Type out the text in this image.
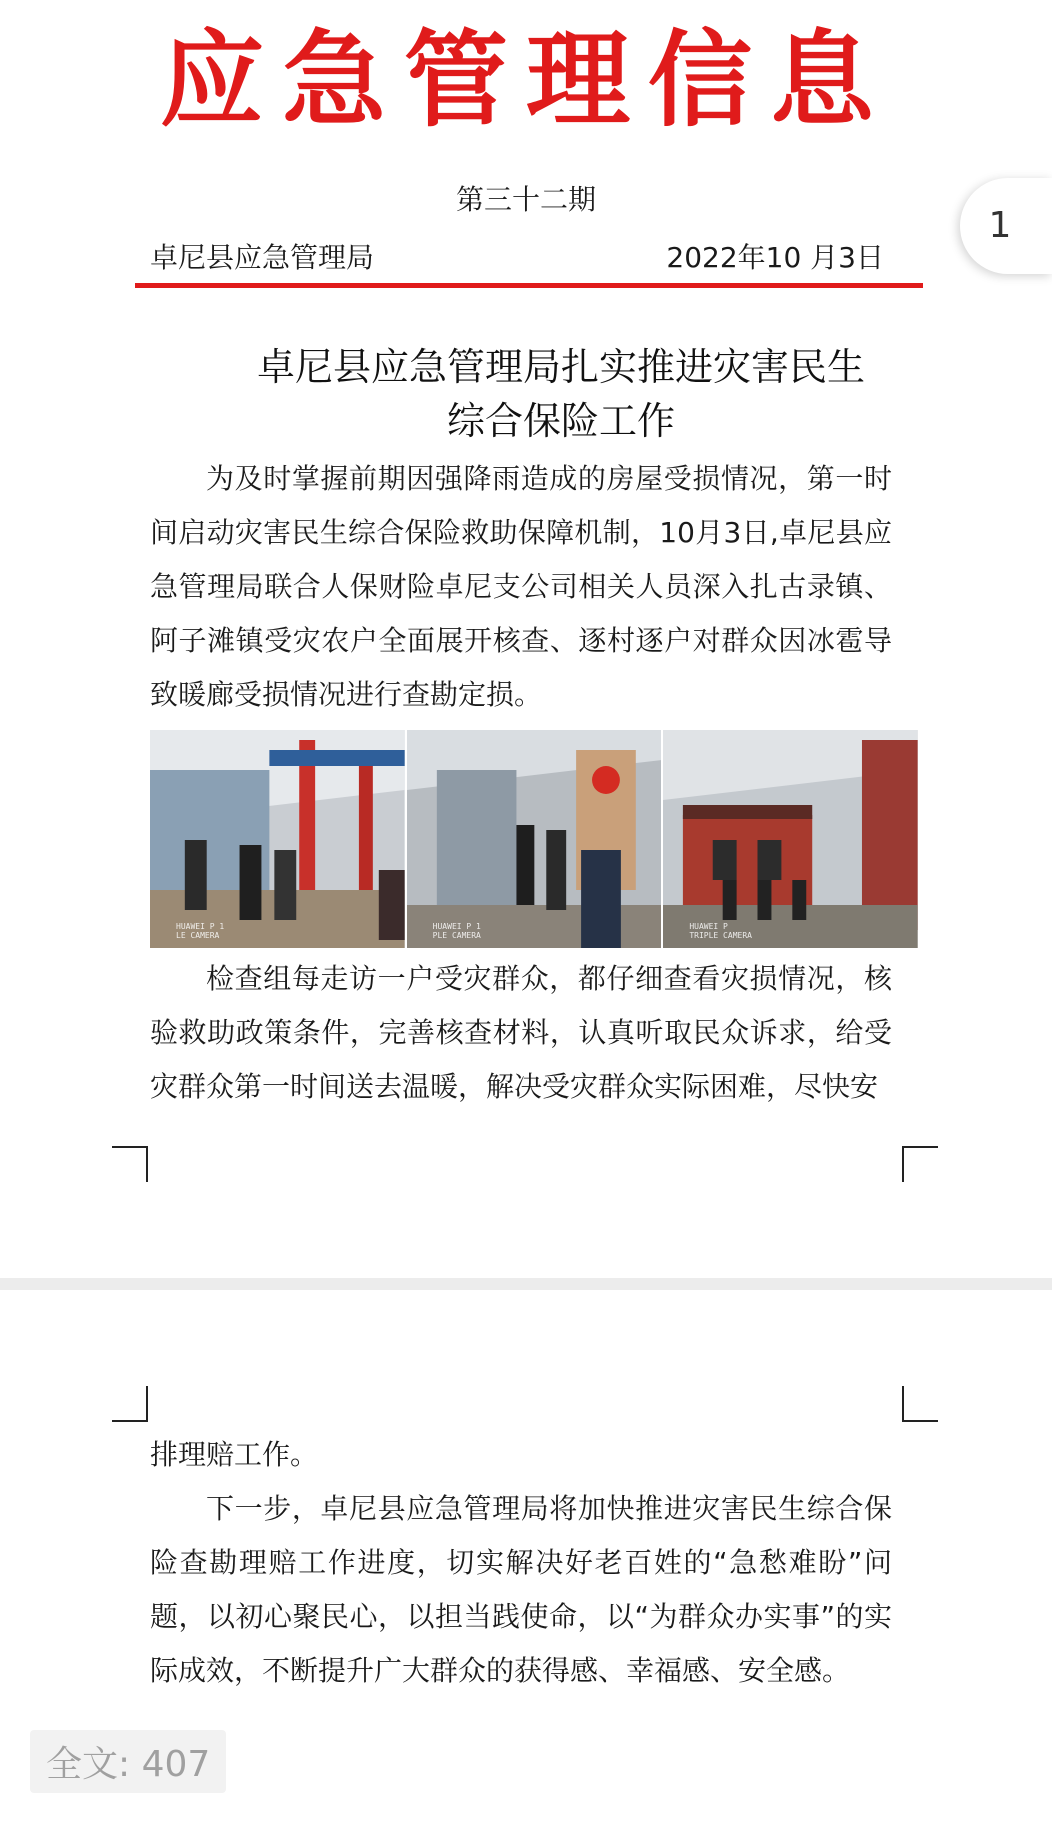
应急管理信息
第三十二期
卓尼县应急管理局	2022年10 月3日
卓尼县应急管理局扎实推进灾害民生
综合保险工作

为及时掌握前期因强降雨造成的房屋受损情况，第一时间启动灾害民生综合保险救助保障机制，10月3日,卓尼县应急管理局联合人保财险卓尼支公司相关人员深入扎古录镇、阿子滩镇受灾农户全面展开核查、逐村逐户对群众因冰雹导致暖廊受损情况进行查勘定损。

HUAWEI P 1
LE CAMERA
HUAWEI P 1
PLE CAMERA
HUAWEI P
TRIPLE CAMERA

检查组每走访一户受灾群众，都仔细查看灾损情况，核验救助政策条件，完善核查材料，认真听取民众诉求，给受灾群众第一时间送去温暖，解决受灾群众实际困难，尽快安

1

排理赔工作。

下一步，卓尼县应急管理局将加快推进灾害民生综合保险查勘理赔工作进度，切实解决好老百姓的“急愁难盼”问题，以初心聚民心，以担当践使命，以“为群众办实事”的实际成效，不断提升广大群众的获得感、幸福感、安全感。

全文: 407
